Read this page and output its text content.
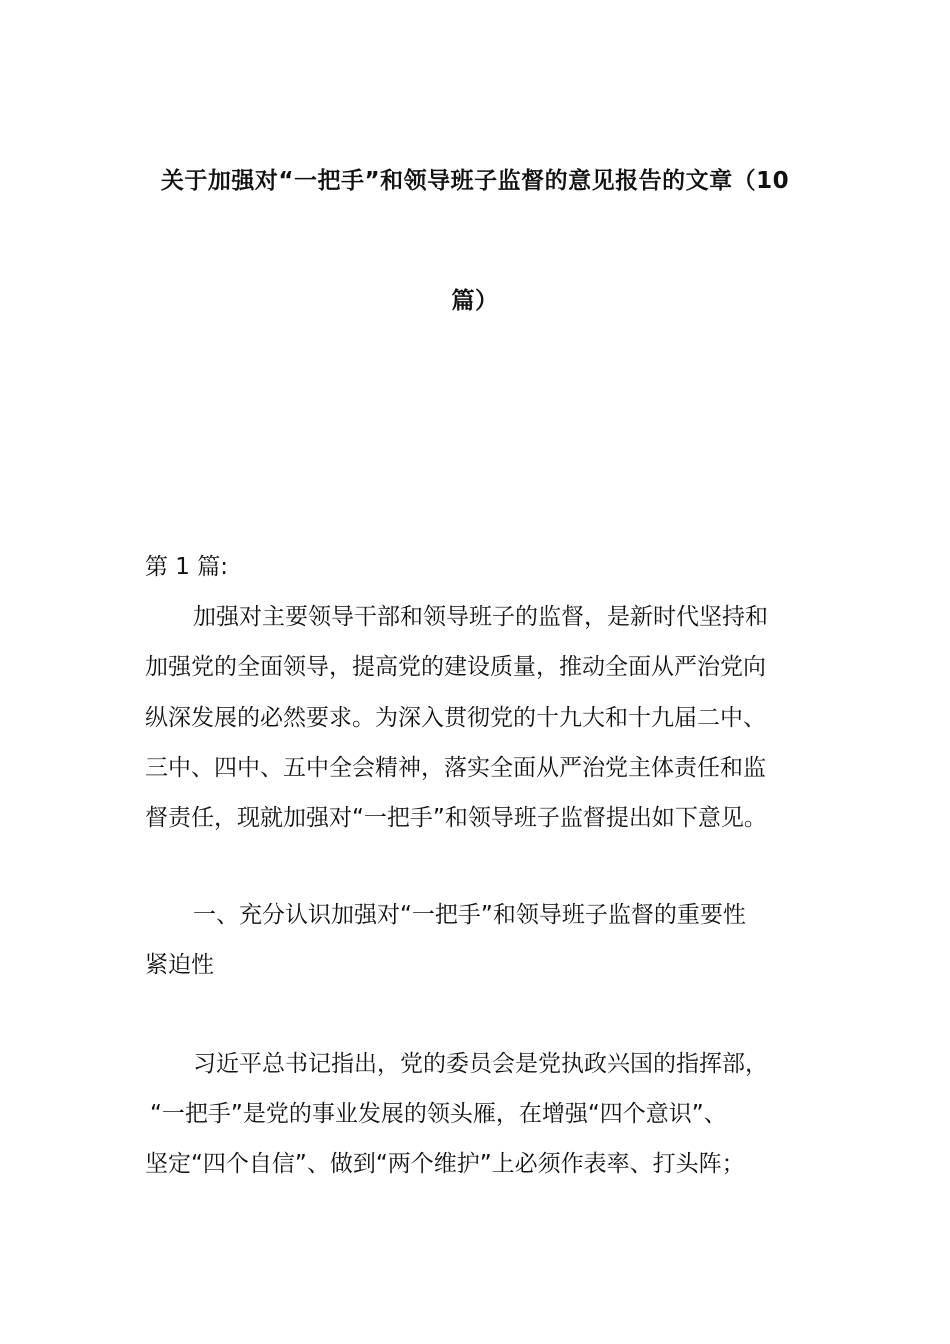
关于加强对“一把手”和领导班子监督的意见报告的文章（10
篇）
第 1 篇:
加强对主要领导干部和领导班子的监督，是新时代坚持和
加强党的全面领导，提高党的建设质量，推动全面从严治党向
纵深发展的必然要求。为深入贯彻党的十九大和十九届二中、
三中、四中、五中全会精神，落实全面从严治党主体责任和监
督责任，现就加强对“一把手”和领导班子监督提出如下意见。
一、充分认识加强对“一把手”和领导班子监督的重要性
紧迫性
习近平总书记指出，党的委员会是党执政兴国的指挥部，
“一把手”是党的事业发展的领头雁，在增强“四个意识”、
坚定“四个自信”、做到“两个维护”上必须作表率、打头阵；
